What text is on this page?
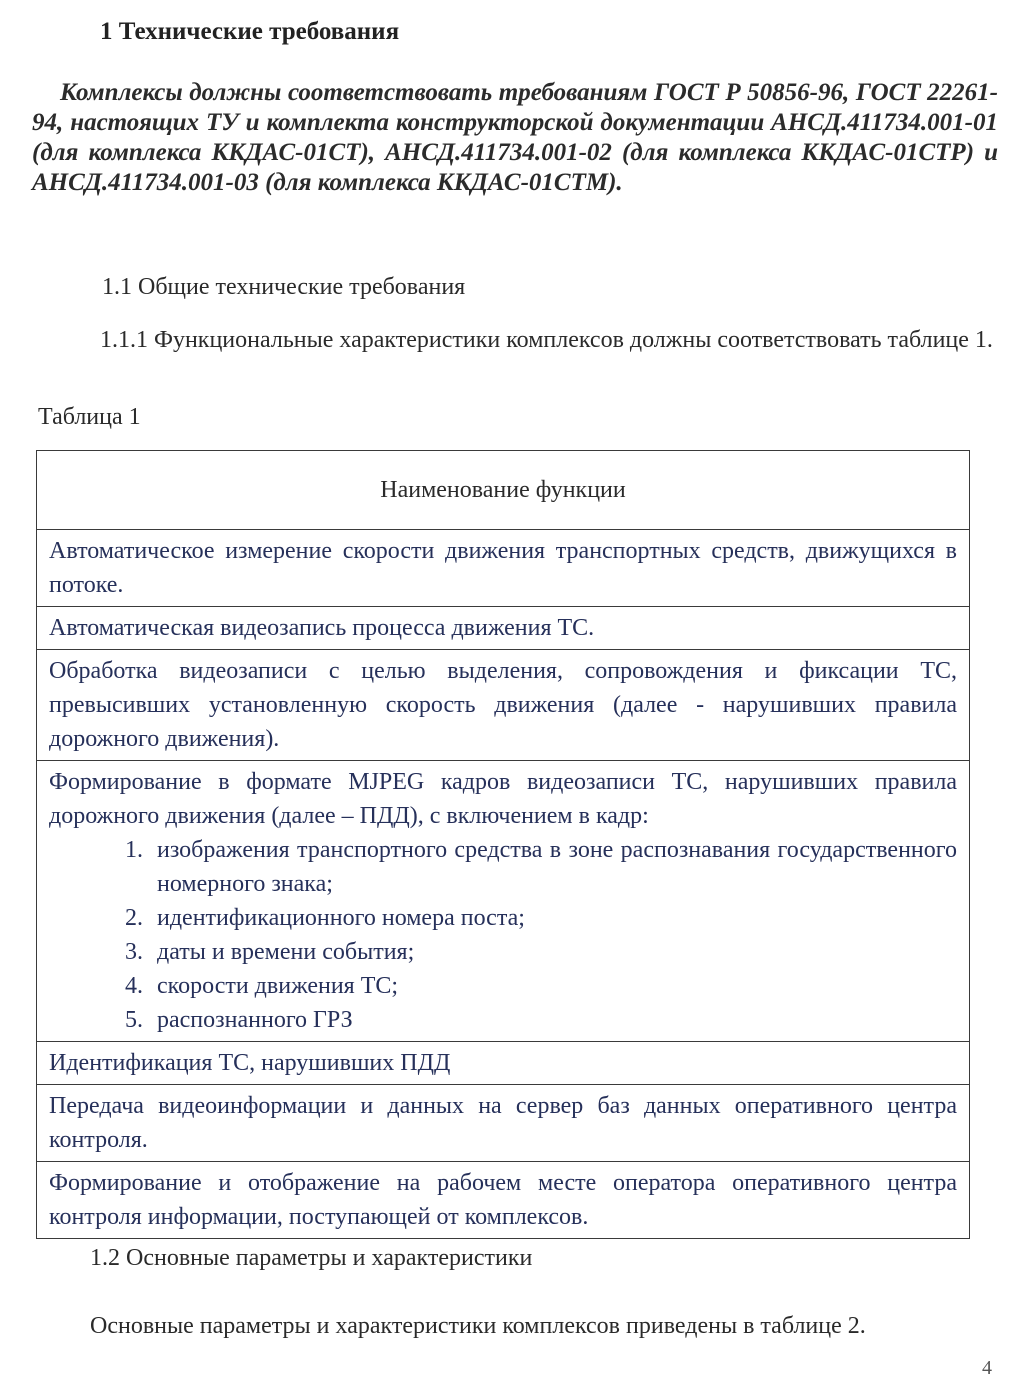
1 Технические требования
Комплексы должны соответствовать требованиям ГОСТ Р 50856-96, ГОСТ 22261-94, настоящих ТУ и комплекта конструкторской документации АНСД.411734.001-01 (для комплекса ККДАС-01СТ), АНСД.411734.001-02 (для комплекса ККДАС-01СТР) и АНСД.411734.001-03 (для комплекса ККДАС-01СТМ).
1.1 Общие технические требования
1.1.1 Функциональные характеристики комплексов должны соответствовать таблице 1.
Таблица 1
Наименование функции
Автоматическое измерение скорости движения транспортных средств, движущихся в потоке.
Автоматическая видеозапись процесса движения ТС.
Обработка видеозаписи с целью выделения, сопровождения и фиксации ТС, превысивших установленную скорость движения (далее - нарушивших правила дорожного движения).

Формирование в формате MJPEG кадров видеозаписи ТС, нарушивших правила дорожного движения (далее – ПДД), с включением в кадр:
1. изображения транспортного средства в зоне распознавания государственного номерного знака;
2. идентификационного номера поста;
3. даты и времени события;
4. скорости движения ТС;
5. распознанного ГРЗ

Идентификация ТС, нарушивших ПДД
Передача видеоинформации и данных на сервер баз данных оперативного центра контроля.
Формирование и отображение на рабочем месте оператора оперативного центра контроля информации, поступающей от комплексов.
1.2 Основные параметры и характеристики
Основные параметры и характеристики комплексов приведены в таблице 2.
4
